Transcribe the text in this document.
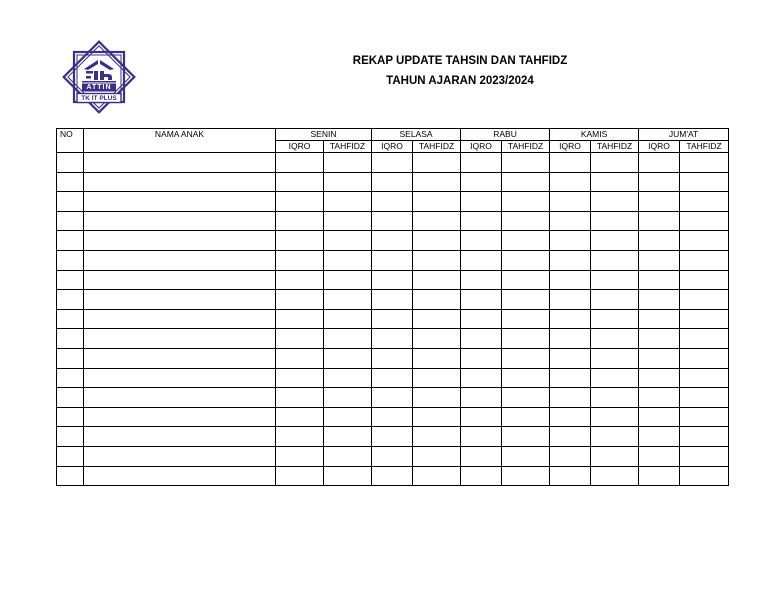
ATTIN
TK IT PLUS
REKAP UPDATE TAHSIN DAN TAHFIDZ
TAHUN AJARAN 2023/2024
NO	NAMA ANAK	SENIN		SELASA		RABU		KAMIS		JUM'AT	
		IQRO	TAHFIDZ	IQRO	TAHFIDZ	IQRO	TAHFIDZ	IQRO	TAHFIDZ	IQRO	TAHFIDZ
